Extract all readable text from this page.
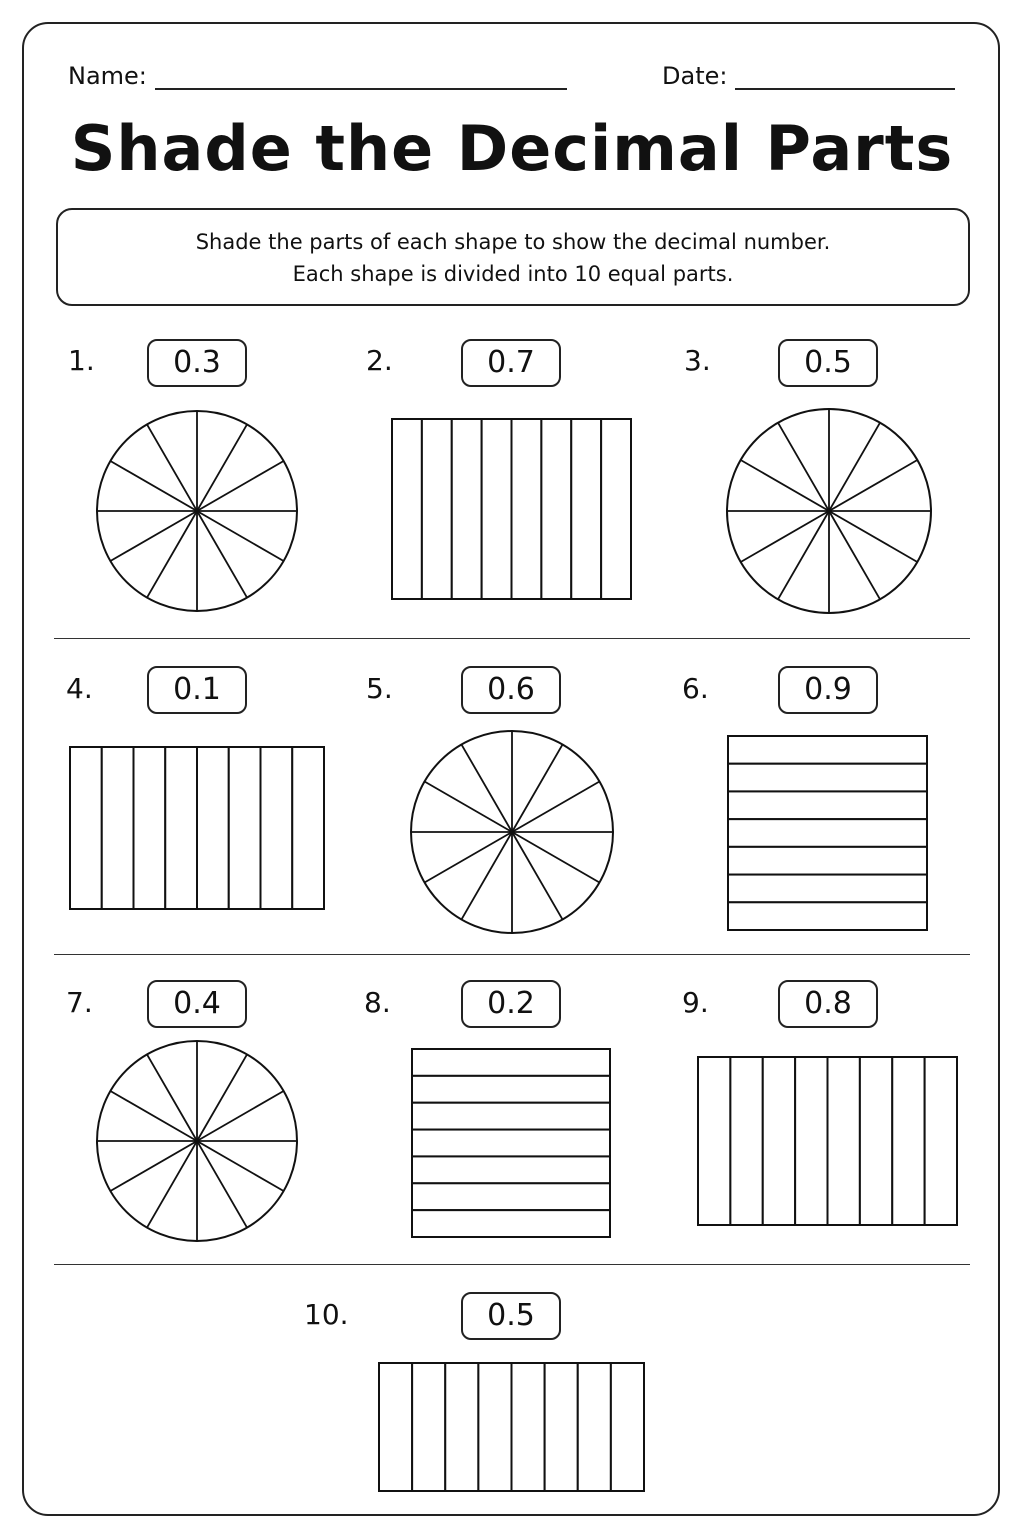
Name:	Date:
Shade the Decimal Parts
Shade the parts of each shape to show the decimal number.
Each shape is divided into 10 equal parts.
1.	0.3	2.	0.7	3.	0.5
4.	0.1	5.	0.6	6.	0.9
7.	0.4	8.	0.2	9.	0.8
10.	0.5
